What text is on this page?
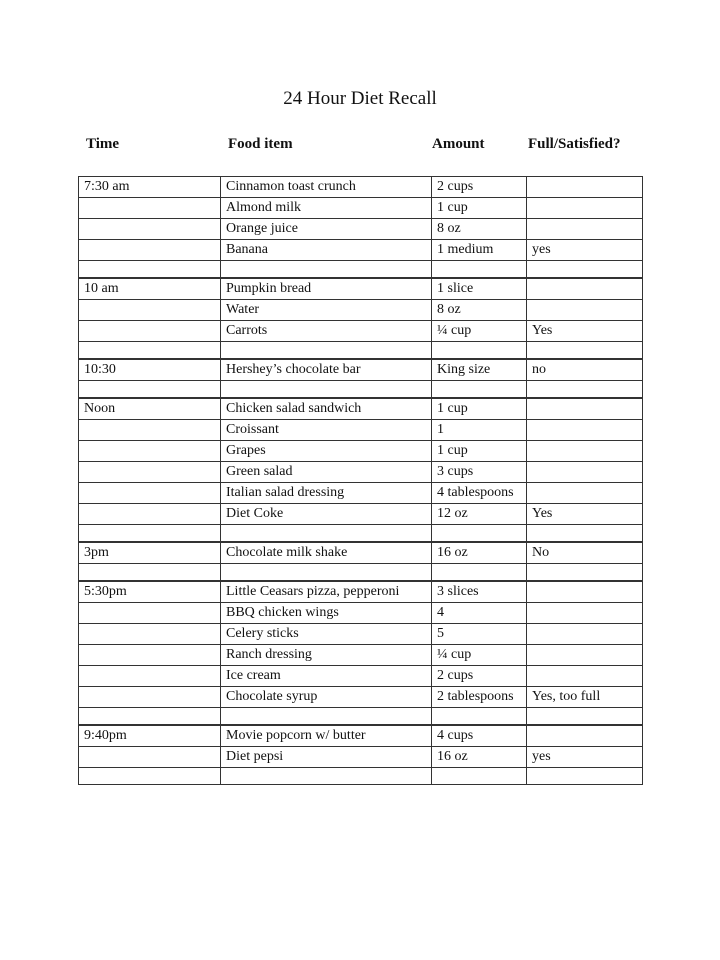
24 Hour Diet Recall
Time	Food item	Amount	Full/Satisfied?
7:30 am	Cinnamon toast crunch	2 cups	
	Almond milk	1 cup	
	Orange juice	8 oz	
	Banana	1 medium	yes

10 am	Pumpkin bread	1 slice	
	Water	8 oz	
	Carrots	¼ cup	Yes

10:30	Hershey’s chocolate bar	King size	no

Noon	Chicken salad sandwich	1 cup	
	Croissant	1	
	Grapes	1 cup	
	Green salad	3 cups	
	Italian salad dressing	4 tablespoons	
	Diet Coke	12 oz	Yes

3pm	Chocolate milk shake	16 oz	No

5:30pm	Little Ceasars pizza, pepperoni	3 slices	
	BBQ chicken wings	4	
	Celery sticks	5	
	Ranch dressing	¼ cup	
	Ice cream	2 cups	
	Chocolate syrup	2 tablespoons	Yes, too full

9:40pm	Movie popcorn w/ butter	4 cups	
	Diet pepsi	16 oz	yes
